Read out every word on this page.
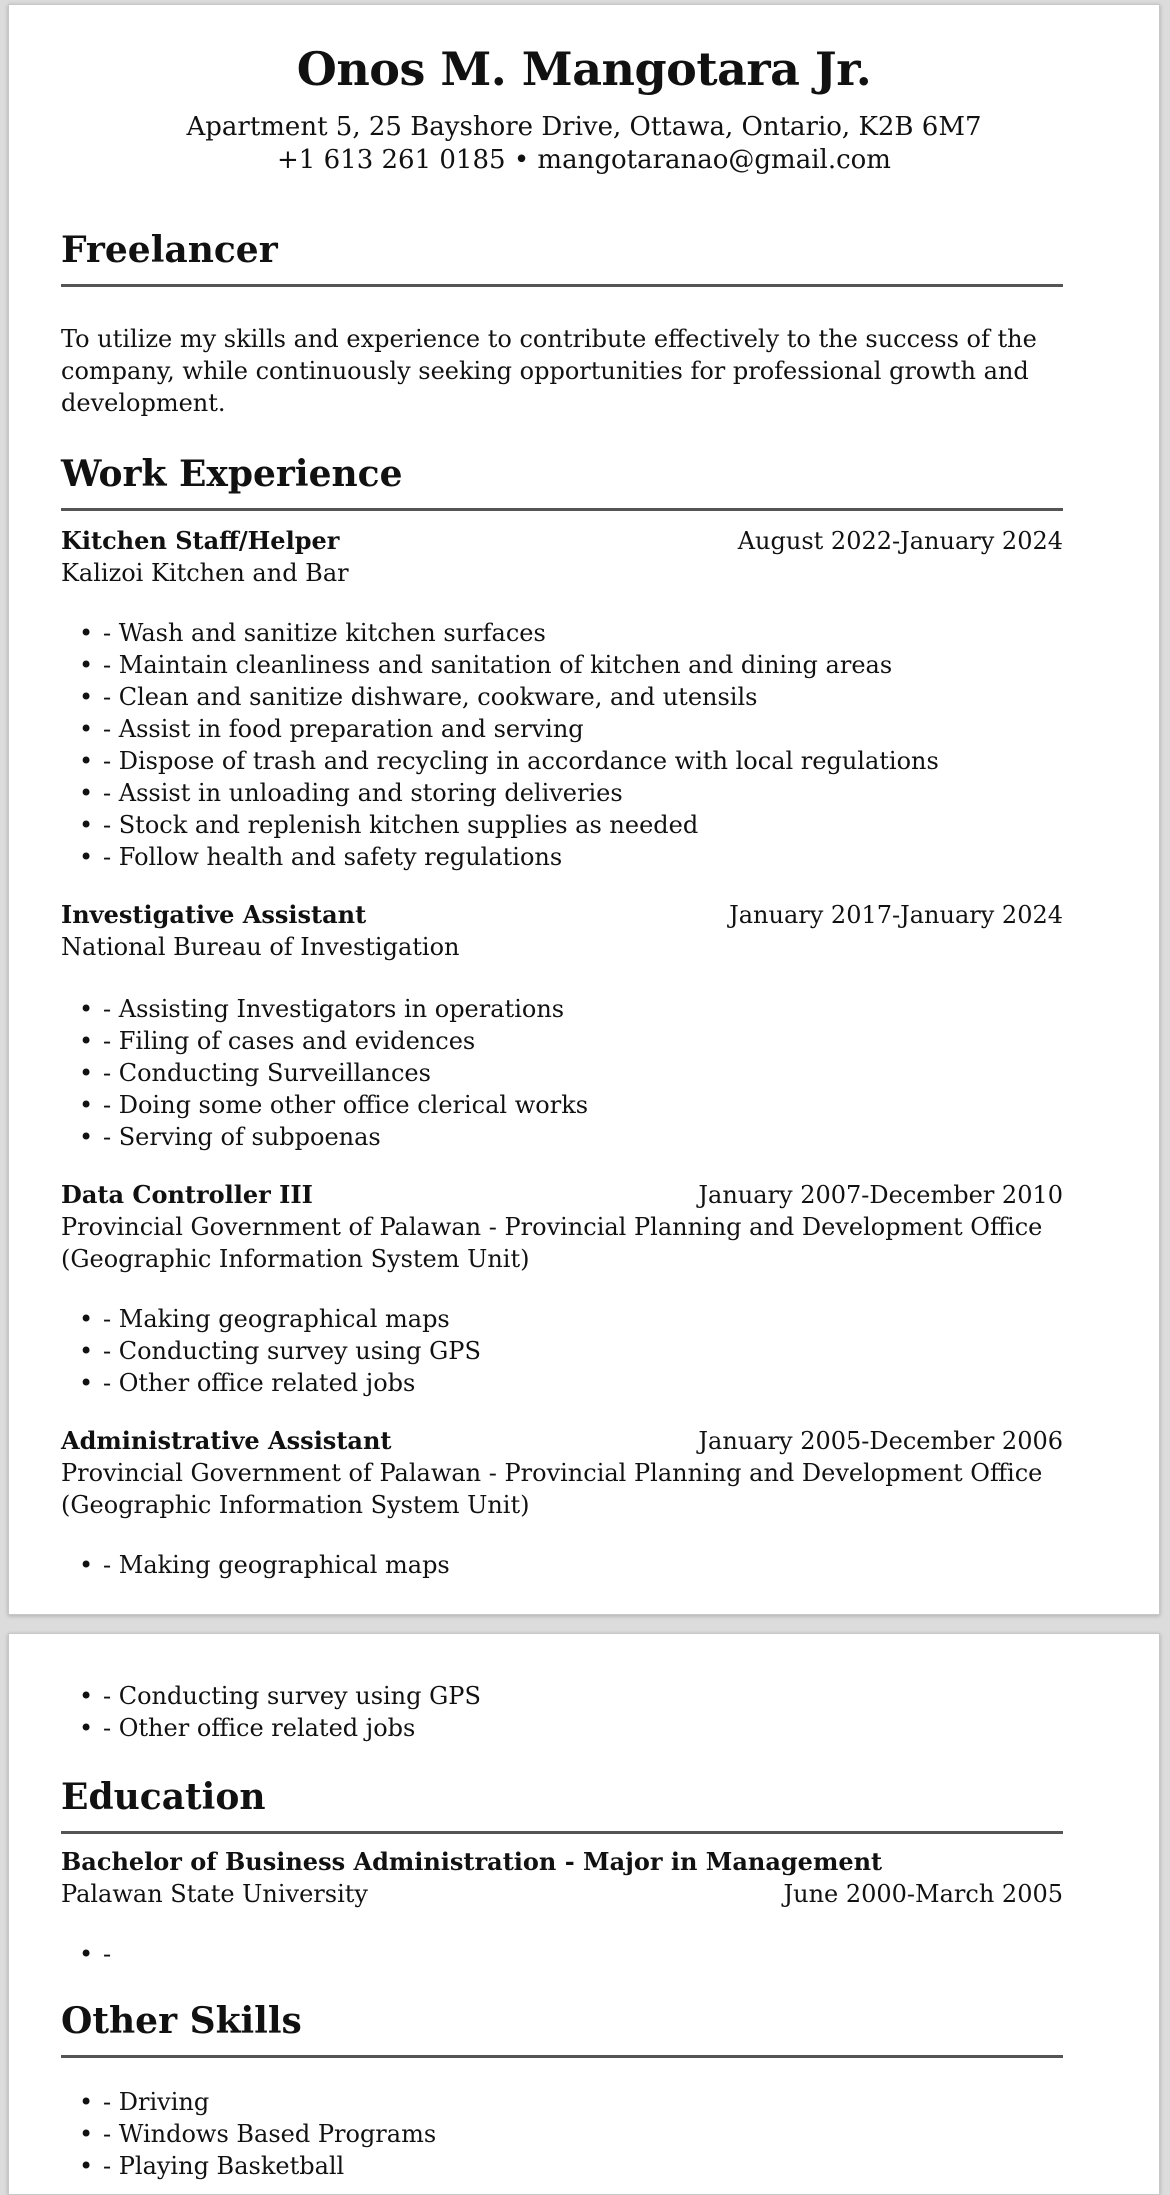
Onos M. Mangotara Jr.

Apartment 5, 25 Bayshore Drive, Ottawa, Ontario, K2B 6M7

+1 613 261 0185 • mangotaranao@gmail.com

Freelancer

To utilize my skills and experience to contribute effectively to the success of the company, while continuously seeking opportunities for professional growth and development.

Work Experience
Kitchen Staff/Helper	August 2022-January 2024
Kalizoi Kitchen and Bar
• - Wash and sanitize kitchen surfaces
• - Maintain cleanliness and sanitation of kitchen and dining areas
• - Clean and sanitize dishware, cookware, and utensils
• - Assist in food preparation and serving
• - Dispose of trash and recycling in accordance with local regulations
• - Assist in unloading and storing deliveries
• - Stock and replenish kitchen supplies as needed
• - Follow health and safety regulations
Investigative Assistant	January 2017-January 2024
National Bureau of Investigation
• - Assisting Investigators in operations
• - Filing of cases and evidences
• - Conducting Surveillances
• - Doing some other office clerical works
• - Serving of subpoenas
Data Controller III	January 2007-December 2010
Provincial Government of Palawan - Provincial Planning and Development Office (Geographic Information System Unit)
• - Making geographical maps
• - Conducting survey using GPS
• - Other office related jobs
Administrative Assistant	January 2005-December 2006
Provincial Government of Palawan - Provincial Planning and Development Office (Geographic Information System Unit)
• - Making geographical maps
• - Conducting survey using GPS
• - Other office related jobs
Education
Bachelor of Business Administration - Major in Management
Palawan State University	June 2000-March 2005
• -
Other Skills
• - Driving
• - Windows Based Programs
• - Playing Basketball
